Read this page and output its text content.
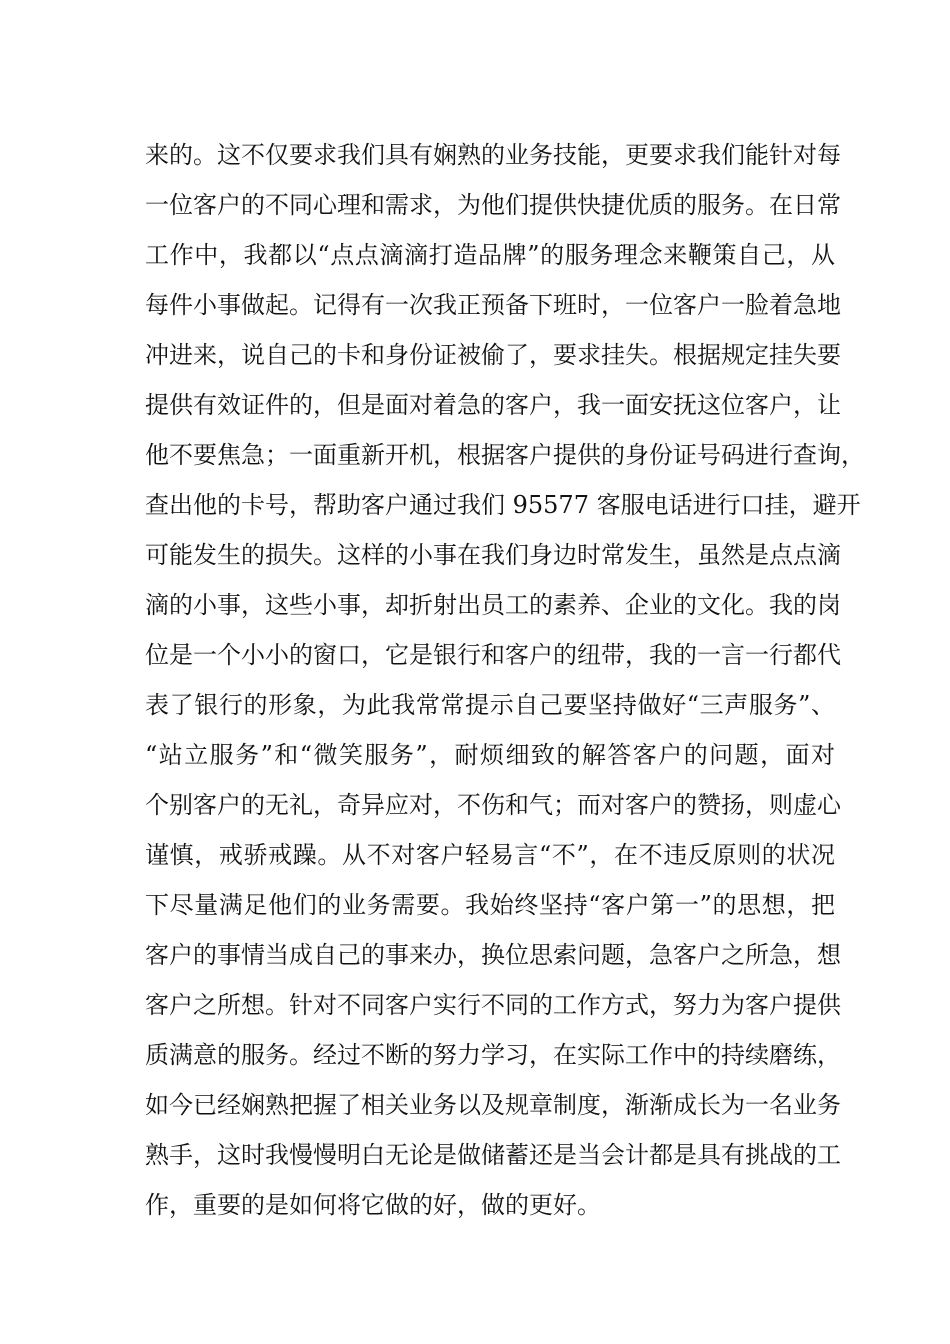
来的。这不仅要求我们具有娴熟的业务技能，更要求我们能针对每
一位客户的不同心理和需求，为他们提供快捷优质的服务。在日常
工作中，我都以“点点滴滴打造品牌”的服务理念来鞭策自己，从
每件小事做起。记得有一次我正预备下班时，一位客户一脸着急地
冲进来，说自己的卡和身份证被偷了，要求挂失。根据规定挂失要
提供有效证件的，但是面对着急的客户，我一面安抚这位客户，让
他不要焦急；一面重新开机，根据客户提供的身份证号码进行查询，
查出他的卡号，帮助客户通过我们 95577 客服电话进行口挂，避开
可能发生的损失。这样的小事在我们身边时常发生，虽然是点点滴
滴的小事，这些小事，却折射出员工的素养、企业的文化。我的岗
位是一个小小的窗口，它是银行和客户的纽带，我的一言一行都代
表了银行的形象，为此我常常提示自己要坚持做好“三声服务”、
“站立服务”和“微笑服务”，耐烦细致的解答客户的问题，面对
个别客户的无礼，奇异应对，不伤和气；而对客户的赞扬，则虚心
谨慎，戒骄戒躁。从不对客户轻易言“不”，在不违反原则的状况
下尽量满足他们的业务需要。我始终坚持“客户第一”的思想，把
客户的事情当成自己的事来办，换位思索问题，急客户之所急，想
客户之所想。针对不同客户实行不同的工作方式，努力为客户提供
质满意的服务。经过不断的努力学习，在实际工作中的持续磨练，
如今已经娴熟把握了相关业务以及规章制度，渐渐成长为一名业务
熟手，这时我慢慢明白无论是做储蓄还是当会计都是具有挑战的工
作，重要的是如何将它做的好，做的更好。
